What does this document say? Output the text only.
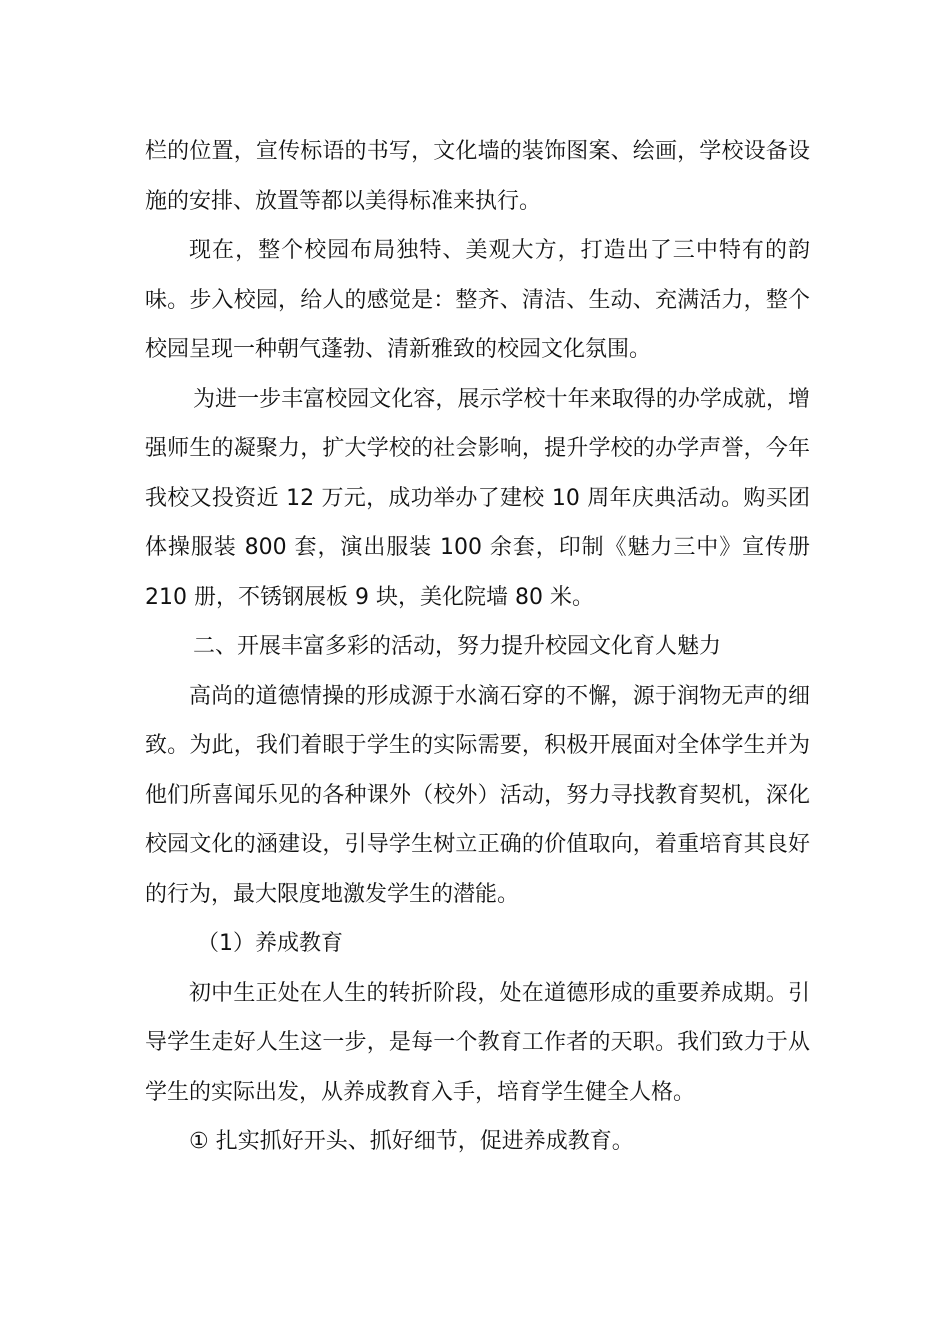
栏的位置，宣传标语的书写，文化墙的装饰图案、绘画，学校设备设施的安排、放置等都以美得标准来执行。

现在，整个校园布局独特、美观大方，打造出了三中特有的韵味。步入校园，给人的感觉是：整齐、清洁、生动、充满活力，整个校园呈现一种朝气蓬勃、清新雅致的校园文化氛围。

为进一步丰富校园文化容，展示学校十年来取得的办学成就，增强师生的凝聚力，扩大学校的社会影响，提升学校的办学声誉，今年我校又投资近 12 万元，成功举办了建校 10 周年庆典活动。购买团体操服装 800 套，演出服装 100 余套，印制《魅力三中》宣传册 210 册，不锈钢展板 9 块，美化院墙 80 米。

二、开展丰富多彩的活动，努力提升校园文化育人魅力

高尚的道德情操的形成源于水滴石穿的不懈，源于润物无声的细致。为此，我们着眼于学生的实际需要，积极开展面对全体学生并为他们所喜闻乐见的各种课外（校外）活动，努力寻找教育契机，深化校园文化的涵建设，引导学生树立正确的价值取向，着重培育其良好的行为，最大限度地激发学生的潜能。

（1）养成教育

初中生正处在人生的转折阶段，处在道德形成的重要养成期。引导学生走好人生这一步，是每一个教育工作者的天职。我们致力于从学生的实际出发，从养成教育入手，培育学生健全人格。

① 扎实抓好开头、抓好细节，促进养成教育。
